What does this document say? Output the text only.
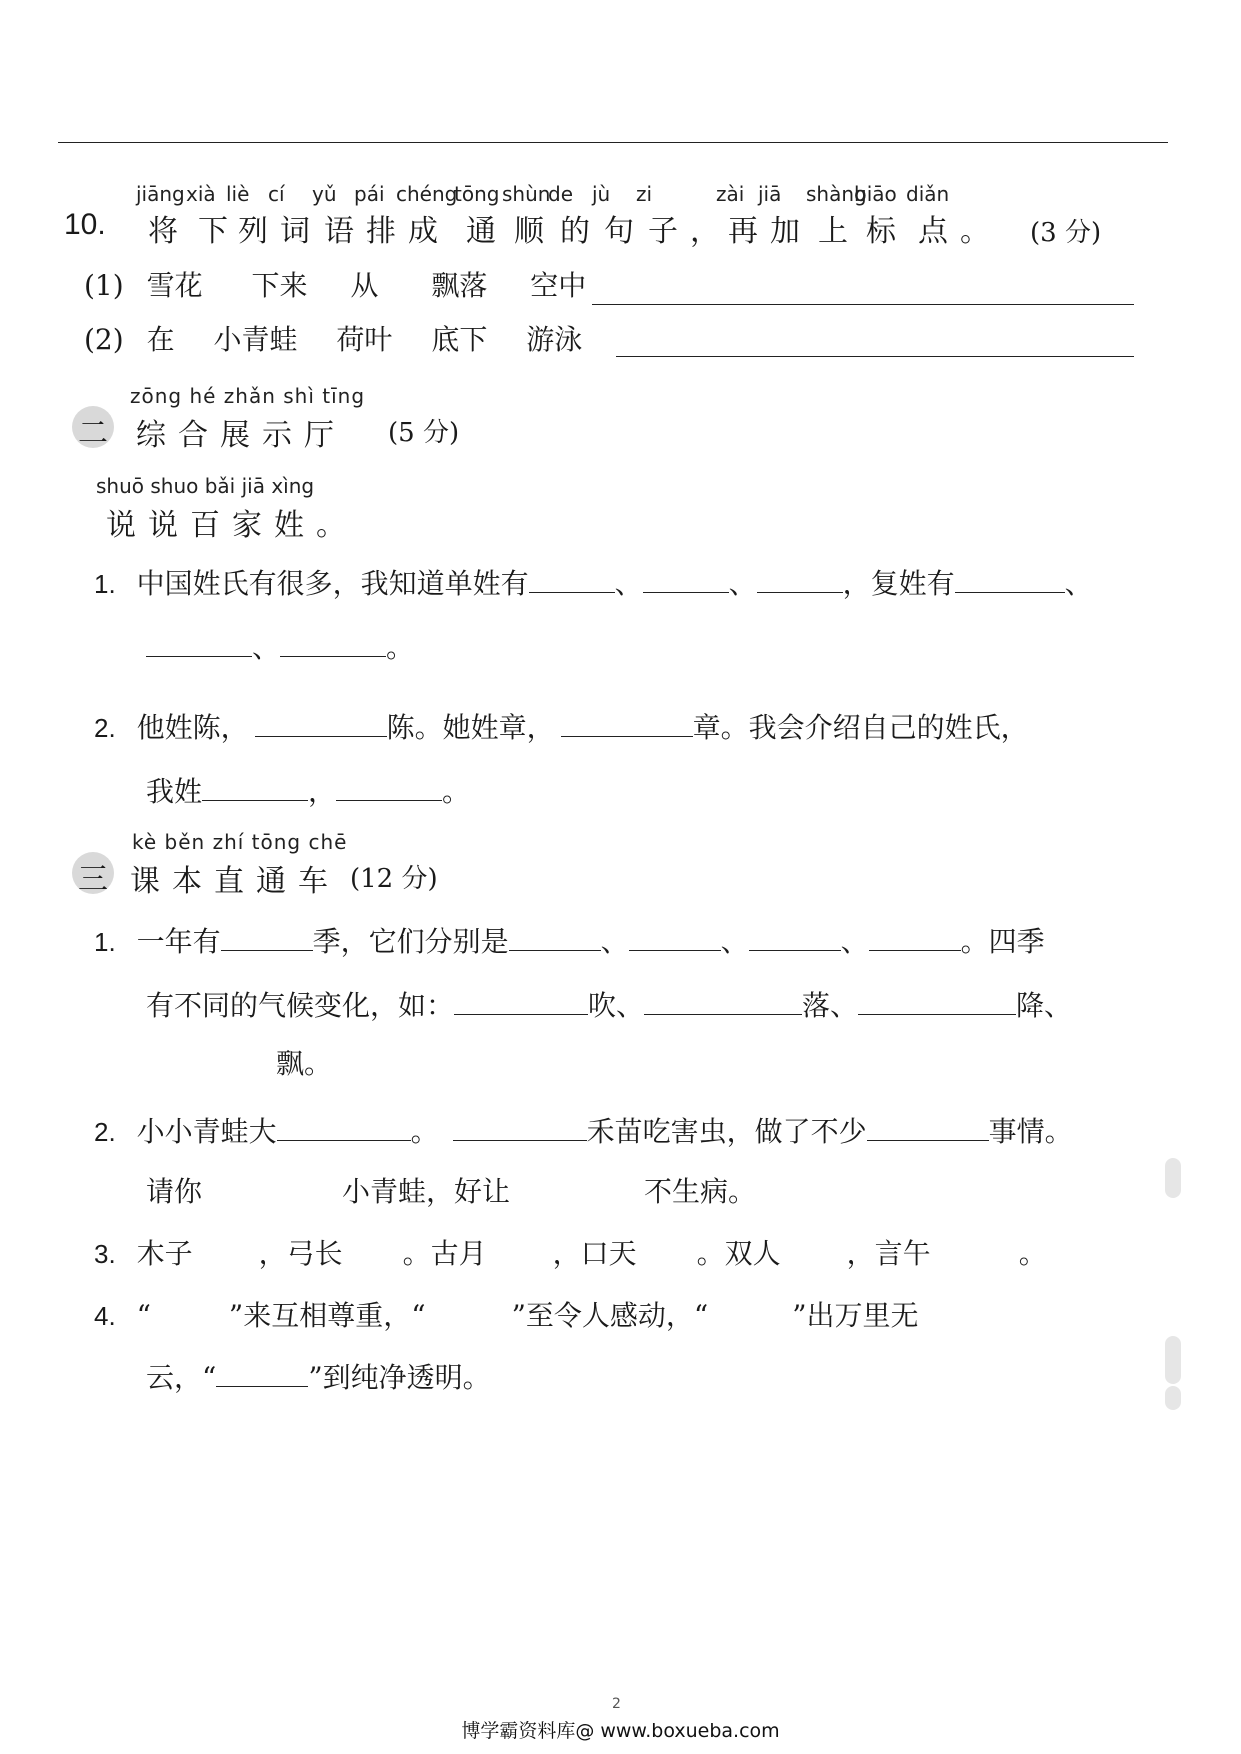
jiāng xià liè cí yǔ pái chéng
tōng shùn
de jù zi	zài jiā shàng
biāo diǎn
10. 将 下 列 词 语 排 成 通 顺 的 句 子 ， 再 加 上 标 点 。 (3 分)
(1) 雪花 下来 从 飘落 空中
(2) 在 小青蛙 荷叶 底下 游泳
二
zōng hé zhǎn shì tīng
综合展示厅 (5 分)
shuō shuo bǎi jiā xìng
说说百家姓。
1. 中国姓氏有很多，我知道单姓有	、	、	，复姓有	、
、	。
2. 他姓陈，	陈。她姓章，	章。我会介绍自己的姓氏，
我姓	，	。
三
kè běn zhí tōng chē
课本直通车 (12 分)
1. 一年有	季，它们分别是	、	、	、	。四季
有不同的气候变化，如：	吹、	落、	降、
飘。
2. 小小青蛙大	。	禾苗吃害虫，做了不少	事情。
请你	小青蛙，好让	不生病。
3. 木子 ，弓长 。古月 ，口天 。双人 ，言午	。
4. “	”来互相尊重，“	”至令人感动，“	”出万里无
云，“	”到纯净透明。
2
博学霸资料库@ www.boxueba.com
